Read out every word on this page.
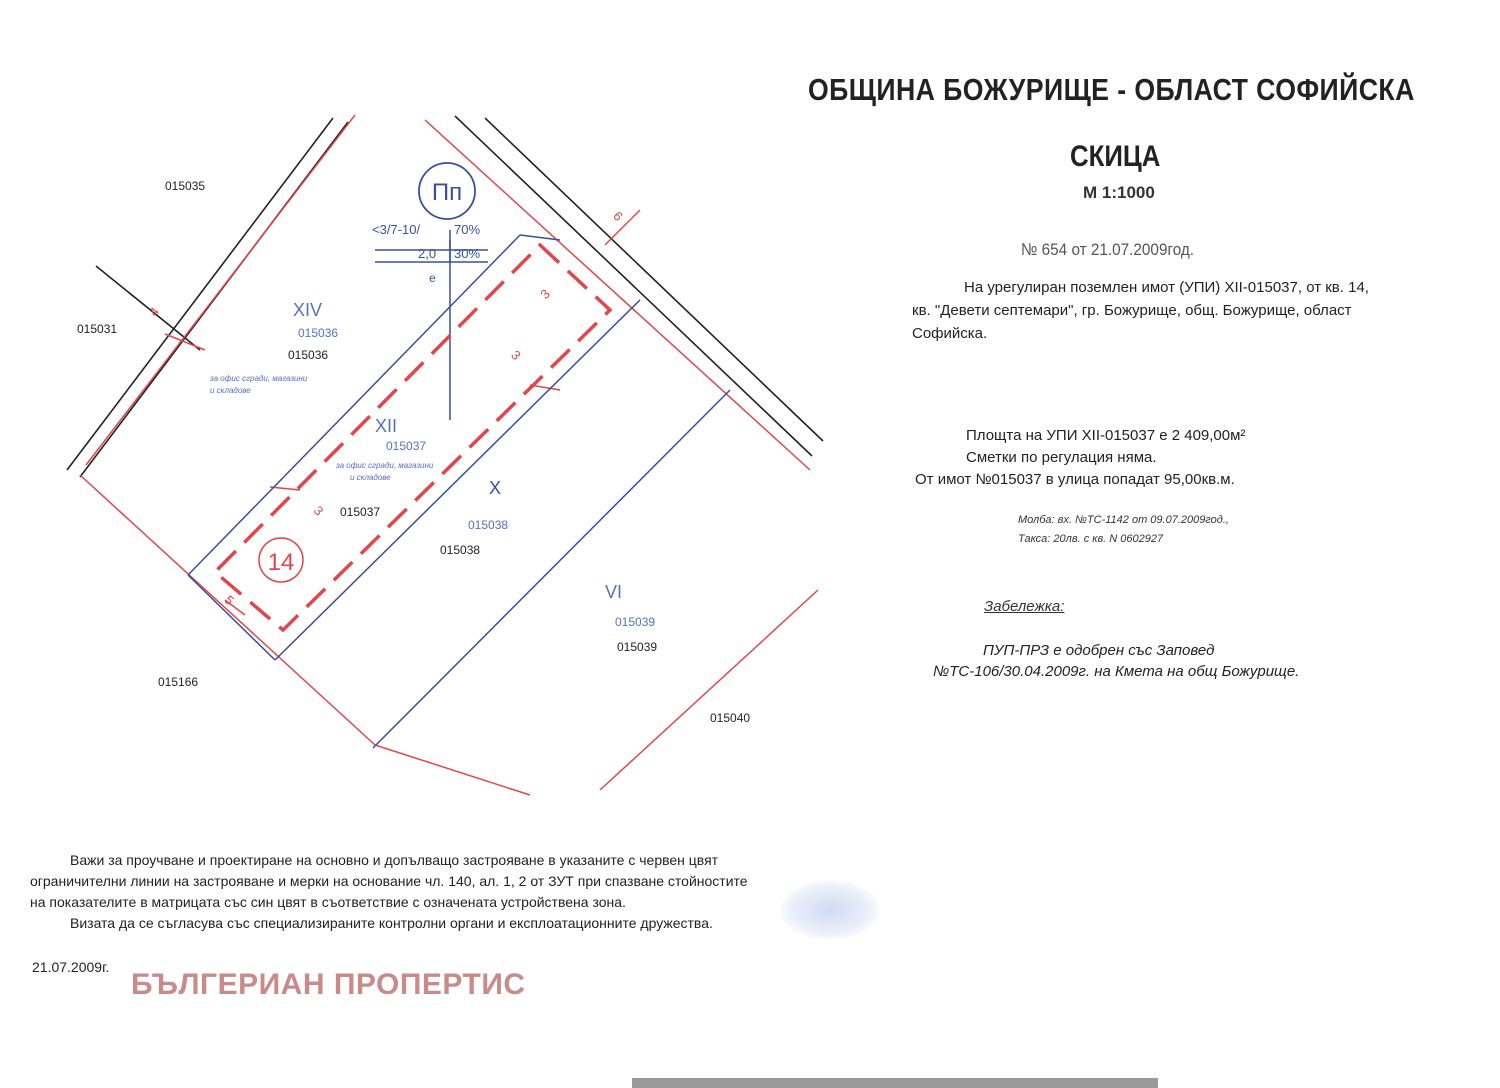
Пп
<3/7-10/	70%
2,0 30%
е
14
015035
015031
015166
015040
XIV
015036
015036
за офис сгради, магазини
и складове
XII
015037
за офис сгради, магазини
и складове
015037
X
015038
015038
VI
015039
015039
4
6
3
3
3
5
ОБЩИНА БОЖУРИЩЕ - ОБЛАСТ СОФИЙСКА
СКИЦА
М 1:1000
№ 654 от 21.07.2009год.
На урегулиран поземлен имот (УПИ) ХII-015037, от кв. 14,
кв. "Девети септемари", гр. Божурище, общ. Божурище, област
Софийска.
Площта на УПИ ХII-015037 е 2 409,00м²
Сметки по регулация няма.
От имот №015037 в улица попадат 95,00кв.м.
Молба: вх. №ТС-1142 от 09.07.2009год.,
Такса: 20лв. с кв. N 0602927
Забележка:
ПУП-ПРЗ е одобрен със Заповед
№ТС-106/30.04.2009г. на Кмета на общ Божурище.
Важи за проучване и проектиране на основно и допълващо застрояване в указаните с червен цвят
ограничителни линии на застрояване и мерки на основание чл. 140, ал. 1, 2 от ЗУТ при спазване стойностите
на показателите в матрицата със син цвят в съответствие с означената устройствена зона.
Визата да се съгласува със специализираните контролни органи и експлоатационните дружества.
21.07.2009г.
БЪЛГЕРИАН ПРОПЕРТИС
